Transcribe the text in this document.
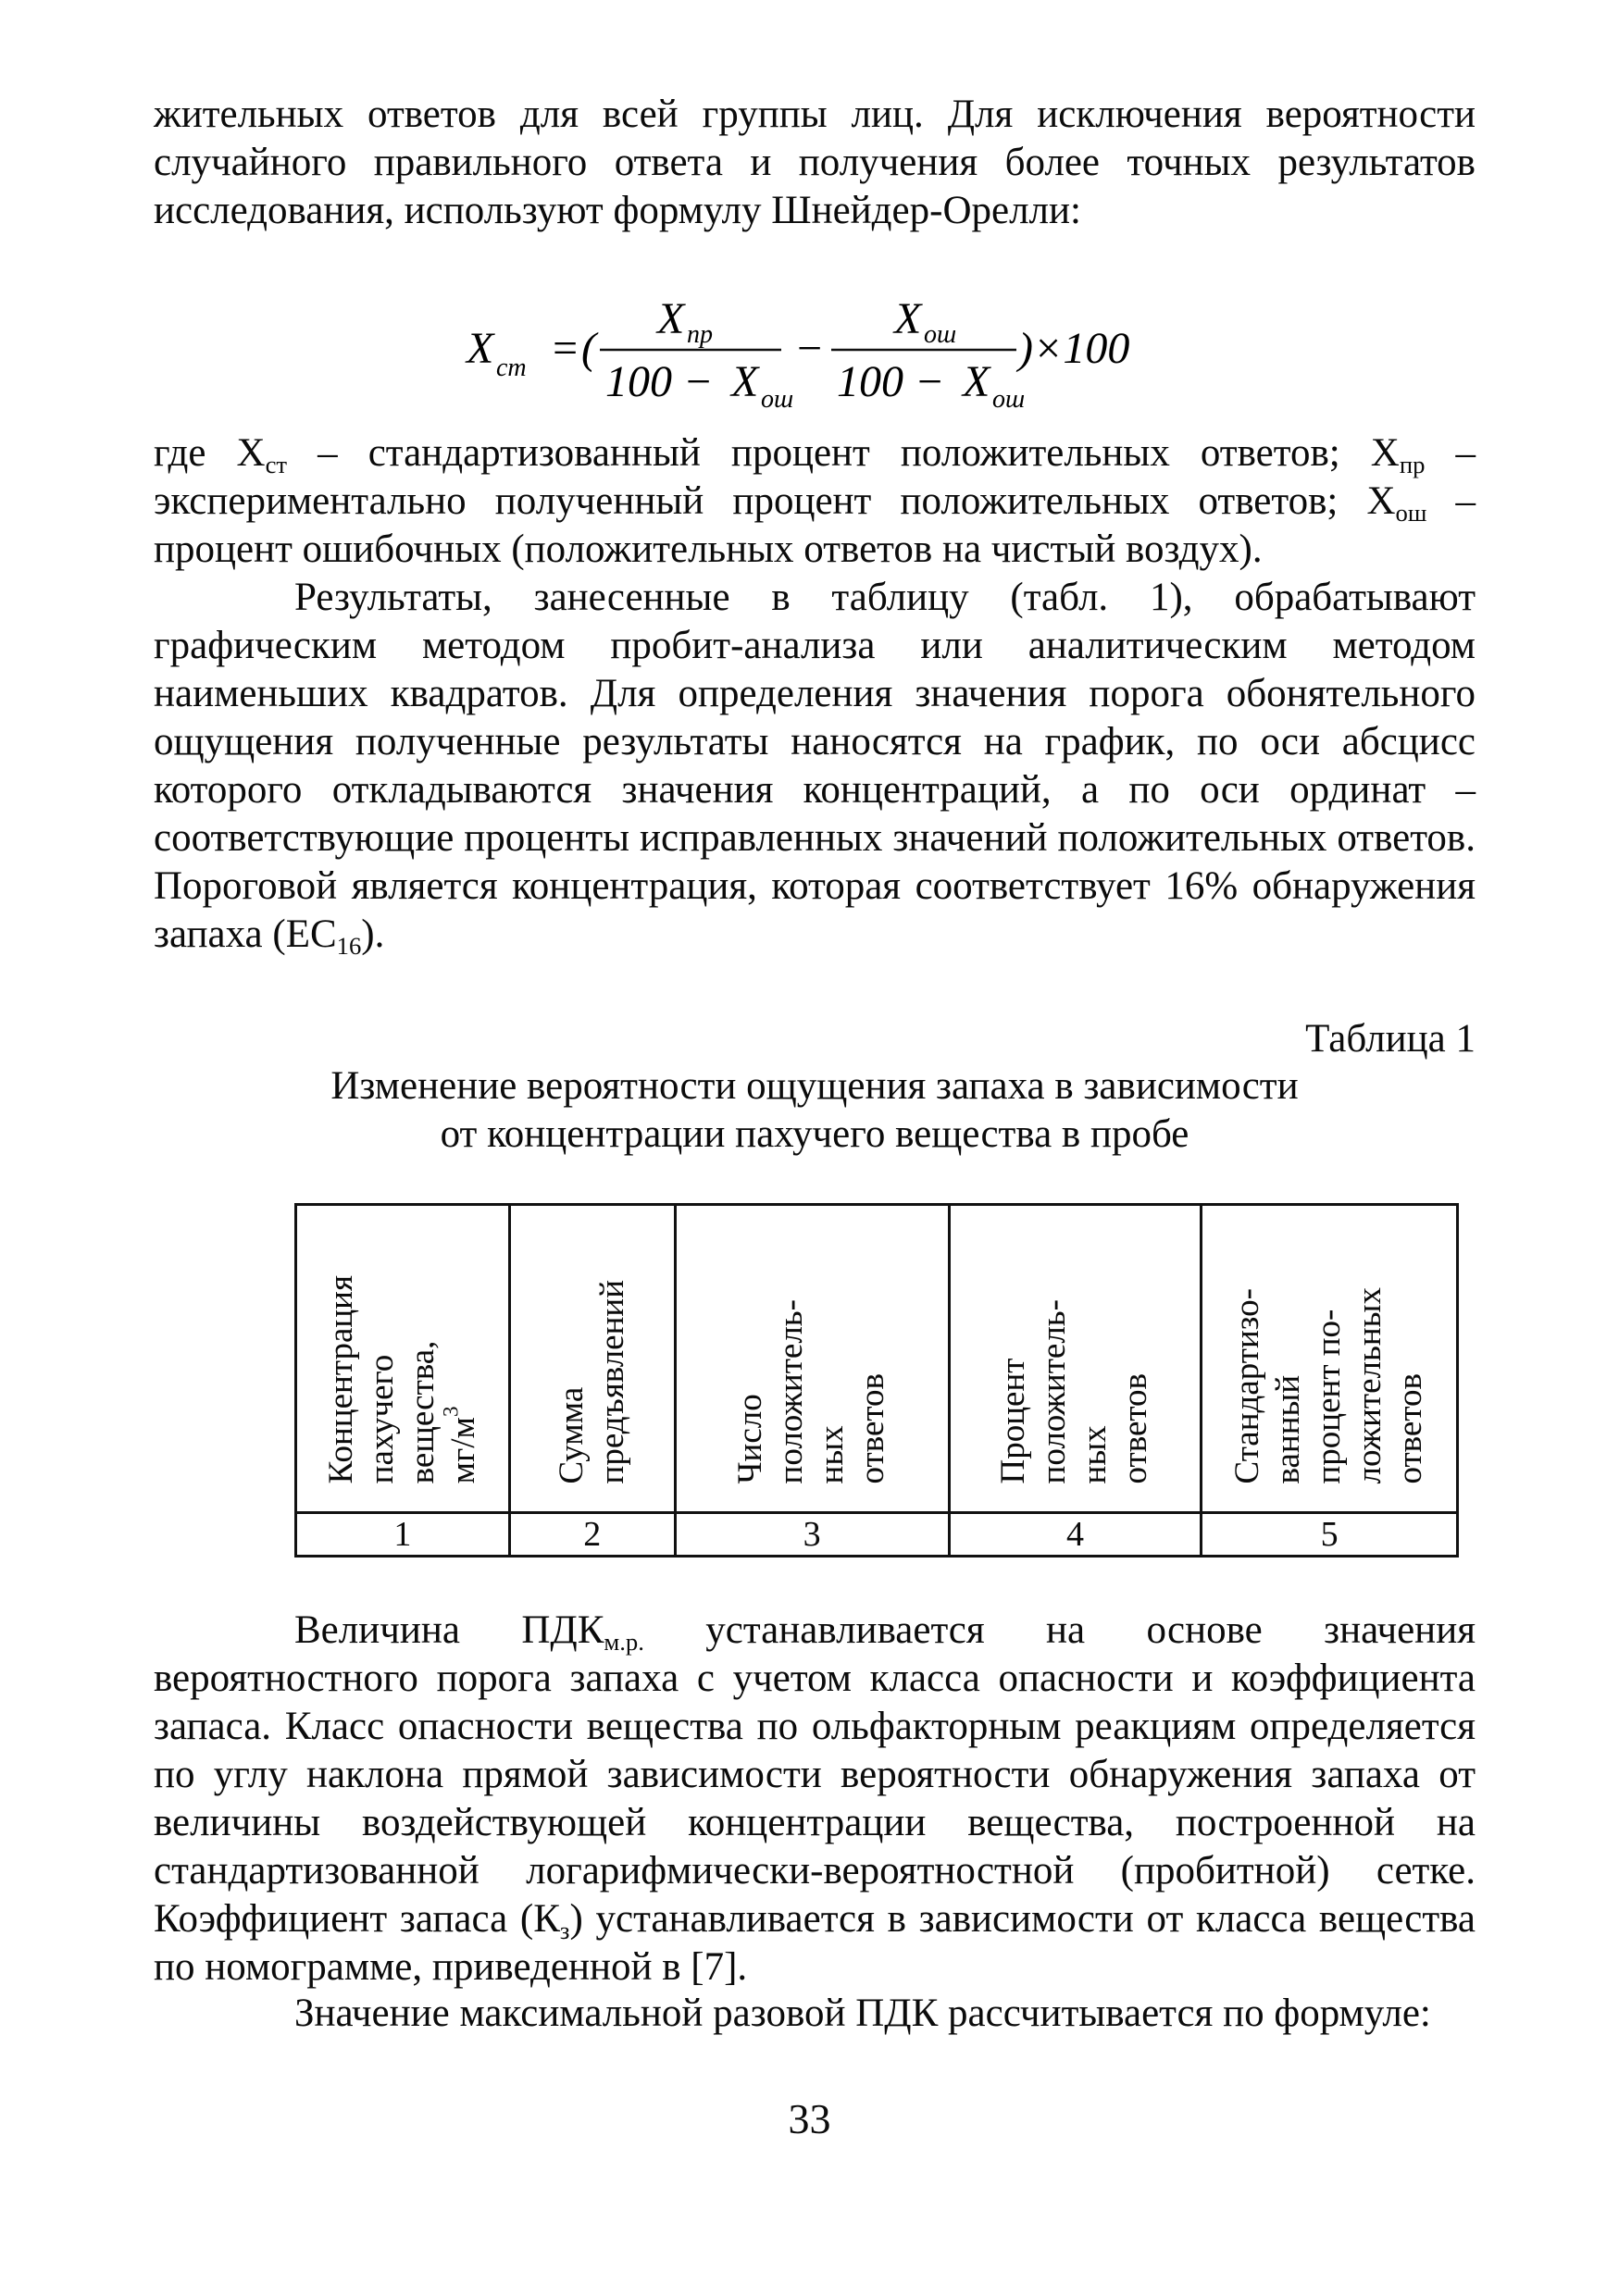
жительных ответов для всей группы лиц. Для исключения вероятности
случайного правильного ответа и получения более точных результатов
исследования, используют формулу Шнейдер-Орелли:
X ст = (
X пр
100 − X ош
−
X ош
100 − X ош
)×100

где $X_{ст}$ – стандартизованный процент положительных ответов; $X_{пр}$ – экспериментально полученный процент положительных ответов; $X_{ош}$ – процент ошибочных (положительных ответов на чистый воздух).

Результаты, занесенные в таблицу (табл. 1), обрабатывают графическим методом пробит-анализа или аналитическим методом наименьших квадратов. Для определения значения порога обонятельного ощущения полученные результаты наносятся на график, по оси абсцисс которого откладываются значения концентраций, а по оси ординат – соответствующие проценты исправленных значений положительных ответов. Пороговой является концентрация, которая соответствует 16% обнаружения запаха $(EC_{16})$.

Таблица 1
Изменение вероятности ощущения запаха в зависимости
от концентрации пахучего вещества в пробе
Концентрация
пахучего
вещества,
$мг/м^3$	Сумма
предъявлений	Число
положитель-
ных
ответов	Процент
положитель-
ных
ответов	Стандартизо-
ванный
процент по-
ложительных
ответов
1	2	3	4	5

Величина $ПДК_{м.р.}$ устанавливается на основе значения вероятностного порога запаха с учетом класса опасности и коэффициента запаса. Класс опасности вещества по ольфакторным реакциям определяется по углу наклона прямой зависимости вероятности обнаружения запаха от величины воздействующей концентрации вещества, построенной на стандартизованной логарифмически-вероятностной (пробитной) сетке. Коэффициент запаса $(К_з)$ устанавливается в зависимости от класса вещества по номограмме, приведенной в [7].

Значение максимальной разовой ПДК рассчитывается по формуле:

33
